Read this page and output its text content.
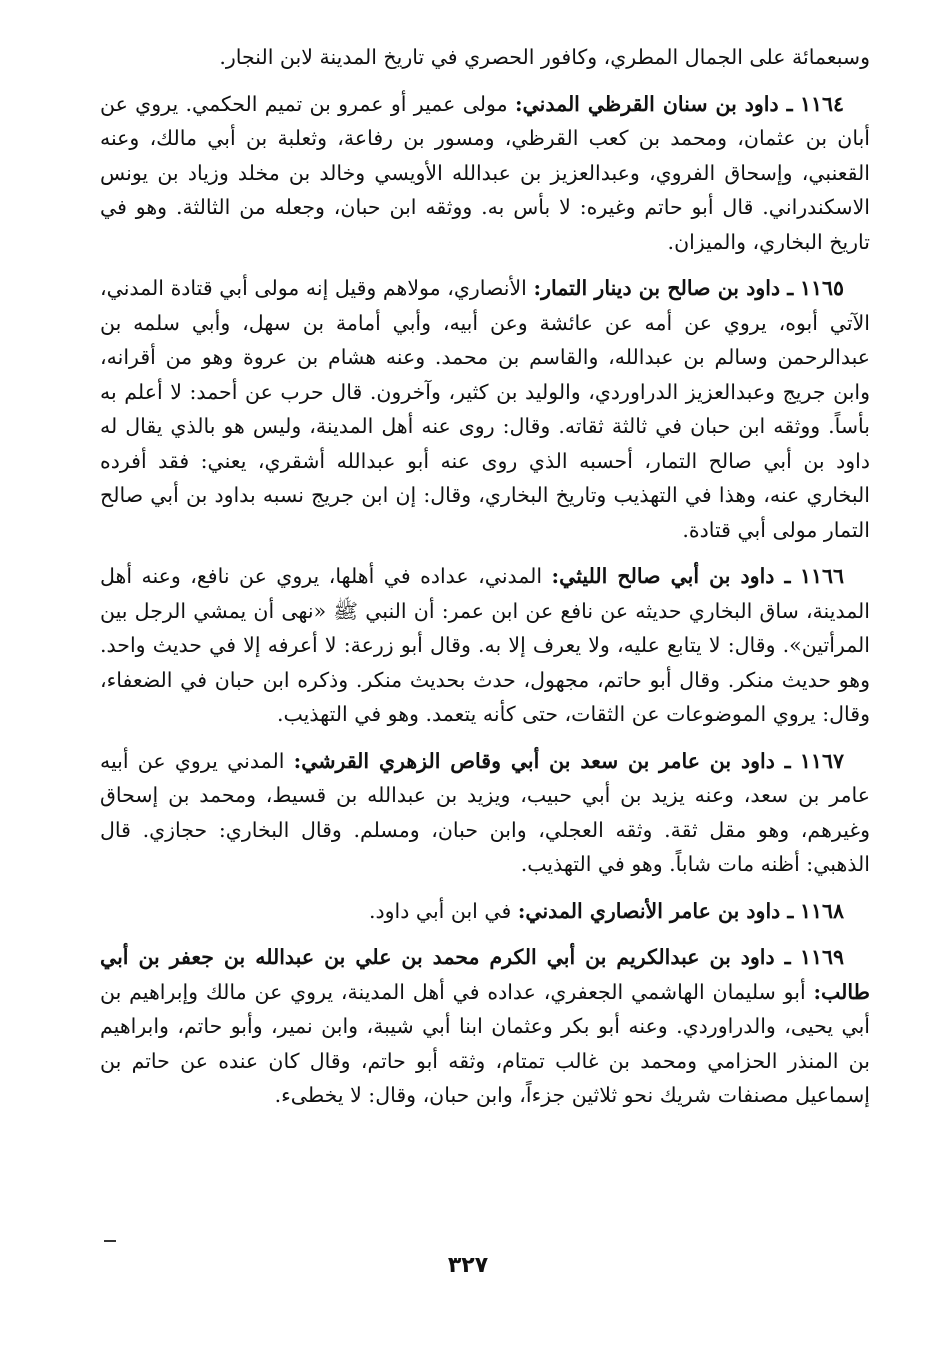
وسبعمائة على الجمال المطري، وكافور الحصري في تاريخ المدينة لابن النجار.

١١٦٤ ـ داود بن سنان القرظي المدني: مولى عمير أو عمرو بن تميم الحكمي. يروي عن أبان بن عثمان، ومحمد بن كعب القرظي، ومسور بن رفاعة، وثعلبة بن أبي مالك، وعنه القعنبي، وإسحاق الفروي، وعبدالعزيز بن عبدالله الأويسي وخالد بن مخلد وزياد بن يونس الاسكندراني. قال أبو حاتم وغيره: لا بأس به. ووثقه ابن حبان، وجعله من الثالثة. وهو في تاريخ البخاري، والميزان.

١١٦٥ ـ داود بن صالح بن دينار التمار: الأنصاري، مولاهم وقيل إنه مولى أبي قتادة المدني، الآتي أبوه، يروي عن أمه عن عائشة وعن أبيه، وأبي أمامة بن سهل، وأبي سلمه بن عبدالرحمن وسالم بن عبدالله، والقاسم بن محمد. وعنه هشام بن عروة وهو من أقرانه، وابن جريج وعبدالعزيز الدراوردي، والوليد بن كثير، وآخرون. قال حرب عن أحمد: لا أعلم به بأساً. ووثقه ابن حبان في ثالثة ثقاته. وقال: روى عنه أهل المدينة، وليس هو بالذي يقال له داود بن أبي صالح التمار، أحسبه الذي روى عنه أبو عبدالله أشقري، يعني: فقد أفرده البخاري عنه، وهذا في التهذيب وتاريخ البخاري، وقال: إن ابن جريج نسبه بداود بن أبي صالح التمار مولى أبي قتادة.

١١٦٦ ـ داود بن أبي صالح الليثي: المدني، عداده في أهلها، يروي عن نافع، وعنه أهل المدينة، ساق البخاري حديثه عن نافع عن ابن عمر: أن النبي ﷺ «نهى أن يمشي الرجل بين المرأتين». وقال: لا يتابع عليه، ولا يعرف إلا به. وقال أبو زرعة: لا أعرفه إلا في حديث واحد. وهو حديث منكر. وقال أبو حاتم، مجهول، حدث بحديث منكر. وذكره ابن حبان في الضعفاء، وقال: يروي الموضوعات عن الثقات، حتى كأنه يتعمد. وهو في التهذيب.

١١٦٧ ـ داود بن عامر بن سعد بن أبي وقاص الزهري القرشي: المدني يروي عن أبيه عامر بن سعد، وعنه يزيد بن أبي حبيب، ويزيد بن عبدالله بن قسيط، ومحمد بن إسحاق وغيرهم، وهو مقل ثقة. وثقه العجلي، وابن حبان، ومسلم. وقال البخاري: حجازي. قال الذهبي: أظنه مات شاباً. وهو في التهذيب.

١١٦٨ ـ داود بن عامر الأنصاري المدني: في ابن أبي داود.

١١٦٩ ـ داود بن عبدالكريم بن أبي الكرم محمد بن علي بن عبدالله بن جعفر بن أبي طالب: أبو سليمان الهاشمي الجعفري، عداده في أهل المدينة، يروي عن مالك وإبراهيم بن أبي يحيى، والدراوردي. وعنه أبو بكر وعثمان ابنا أبي شيبة، وابن نمير، وأبو حاتم، وابراهيم بن المنذر الحزامي ومحمد بن غالب تمتام، وثقه أبو حاتم، وقال كان عنده عن حاتم بن إسماعيل مصنفات شريك نحو ثلاثين جزءاً، وابن حبان، وقال: لا يخطىء.

٣٢٧
